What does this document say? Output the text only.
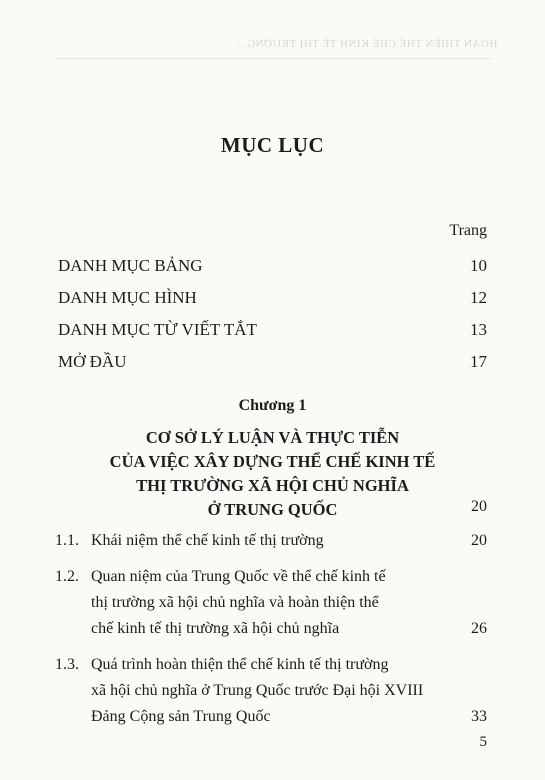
HOÀN THIỆN THỂ CHẾ KINH TẾ THỊ TRƯỜNG...
MỤC LỤC
Trang
DANH MỤC BẢNG	10
DANH MỤC HÌNH	12
DANH MỤC TỪ VIẾT TẮT	13
MỞ ĐẦU	17
Chương 1
CƠ SỞ LÝ LUẬN VÀ THỰC TIỄN
CỦA VIỆC XÂY DỰNG THỂ CHẾ KINH TẾ
THỊ TRƯỜNG XÃ HỘI CHỦ NGHĨA
Ở TRUNG QUỐC	20
1.1. Khái niệm thể chế kinh tế thị trường	20
1.2. Quan niệm của Trung Quốc về thể chế kinh tế
thị trường xã hội chủ nghĩa và hoàn thiện thể
chế kinh tế thị trường xã hội chủ nghĩa	26
1.3. Quá trình hoàn thiện thể chế kinh tế thị trường
xã hội chủ nghĩa ở Trung Quốc trước Đại hội XVIII
Đảng Cộng sản Trung Quốc	33
5
